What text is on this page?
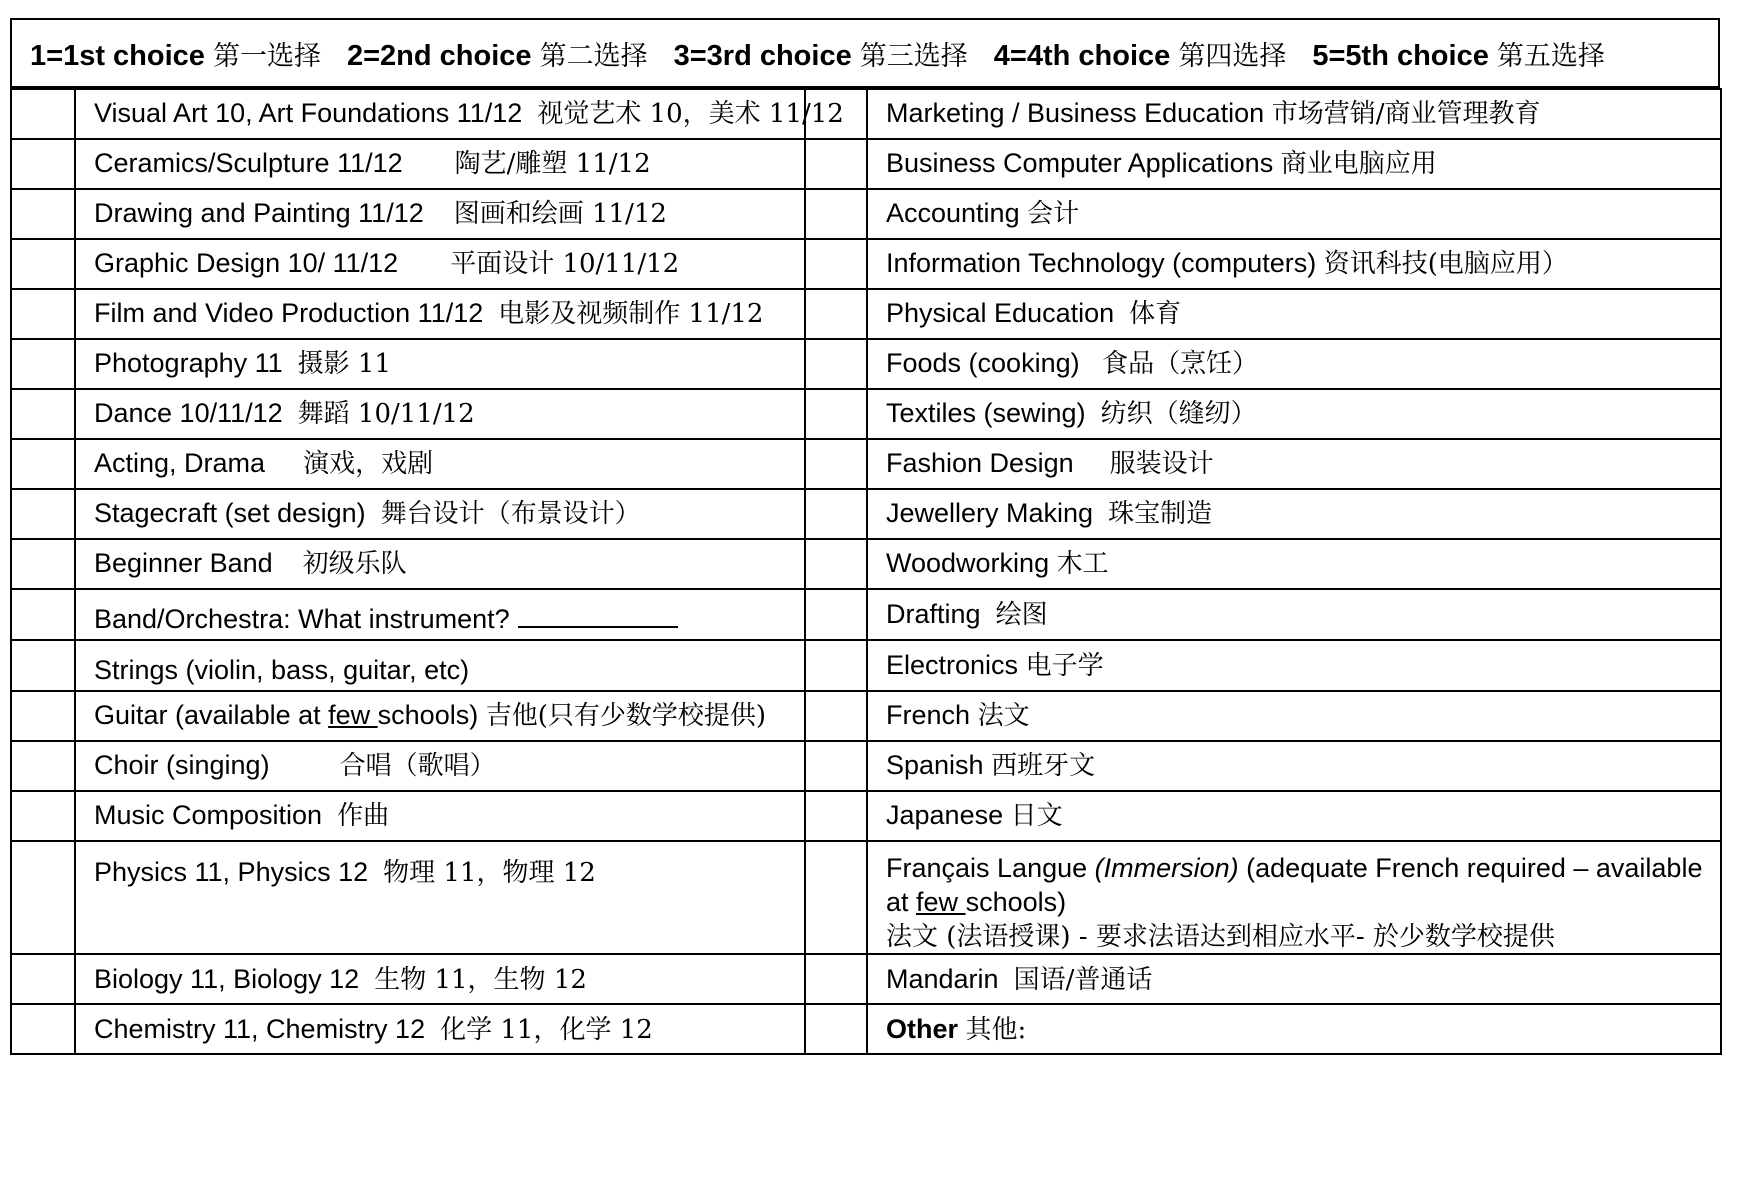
1=1st choice 第一选择 2=2nd choice 第二选择 3=3rd choice 第三选择 4=4th choice 第四选择 5=5th choice 第五选择
	Visual Art 10, Art Foundations 11/12 视觉艺术 10，美术 11/12		Marketing / Business Education 市场营销/商业管理教育
	Ceramics/Sculpture 11/12 陶艺/雕塑 11/12		Business Computer Applications 商业电脑应用
	Drawing and Painting 11/12 图画和绘画 11/12		Accounting 会计
	Graphic Design 10/ 11/12 平面设计 10/11/12		Information Technology (computers) 资讯科技(电脑应用）
	Film and Video Production 11/12 电影及视频制作 11/12		Physical Education 体育
	Photography 11 摄影 11		Foods (cooking) 食品（烹饪）
	Dance 10/11/12 舞蹈 10/11/12		Textiles (sewing) 纺织（缝纫）
	Acting, Drama 演戏，戏剧		Fashion Design 服装设计
	Stagecraft (set design) 舞台设计（布景设计）		Jewellery Making 珠宝制造
	Beginner Band 初级乐队		Woodworking 木工
	Band/Orchestra: What instrument?		Drafting 绘图
	Strings (violin, bass, guitar, etc)		Electronics 电子学
	Guitar (available at few schools) 吉他(只有少数学校提供)		French 法文
	Choir (singing) 合唱（歌唱）		Spanish 西班牙文
	Music Composition 作曲		Japanese 日文
	Physics 11, Physics 12 物理 11，物理 12		Français Langue (Immersion) (adequate French required – available at few schools)
法文 (法语授课) - 要求法语达到相应水平- 於少数学校提供
	Biology 11, Biology 12 生物 11，生物 12		Mandarin 国语/普通话
	Chemistry 11, Chemistry 12 化学 11，化学 12		Other 其他:
